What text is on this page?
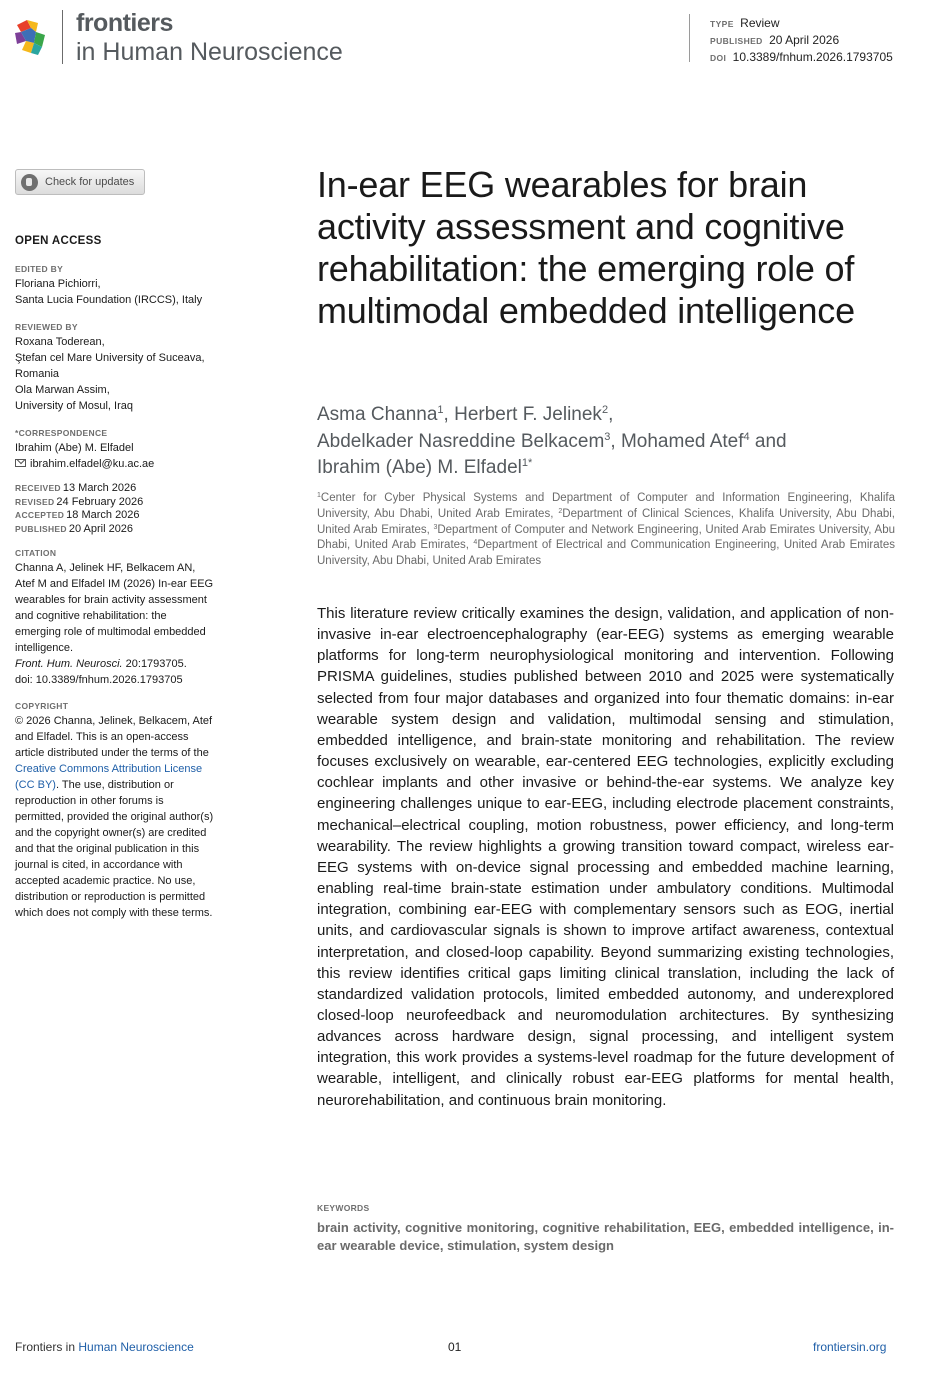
frontiers
in Human Neuroscience
TYPE Review
PUBLISHED 20 April 2026
DOI 10.3389/fnhum.2026.1793705
Check for updates
OPEN ACCESS
EDITED BY
Floriana Pichiorri,
Santa Lucia Foundation (IRCCS), Italy
REVIEWED BY
Roxana Toderean,
Ştefan cel Mare University of Suceava,
Romania
Ola Marwan Assim,
University of Mosul, Iraq
*CORRESPONDENCE
Ibrahim (Abe) M. Elfadel
ibrahim.elfadel@ku.ac.ae
RECEIVED 13 March 2026
REVISED 24 February 2026
ACCEPTED 18 March 2026
PUBLISHED 20 April 2026
CITATION
Channa A, Jelinek HF, Belkacem AN,
Atef M and Elfadel IM (2026) In-ear EEG
wearables for brain activity assessment
and cognitive rehabilitation: the
emerging role of multimodal embedded
intelligence.
Front. Hum. Neurosci. 20:1793705.
doi: 10.3389/fnhum.2026.1793705
COPYRIGHT
© 2026 Channa, Jelinek, Belkacem, Atef
and Elfadel. This is an open-access
article distributed under the terms of the
Creative Commons Attribution License
(CC BY). The use, distribution or
reproduction in other forums is
permitted, provided the original author(s)
and the copyright owner(s) are credited
and that the original publication in this
journal is cited, in accordance with
accepted academic practice. No use,
distribution or reproduction is permitted
which does not comply with these terms.
In-ear EEG wearables for brain activity assessment and cognitive rehabilitation: the emerging role of multimodal embedded intelligence
Asma Channa$^1$, Herbert F. Jelinek$^2$,
Abdelkader Nasreddine Belkacem$^3$, Mohamed Atef$^4$ and
Ibrahim (Abe) M. Elfadel$^{1*}$
$^1$Center for Cyber Physical Systems and Department of Computer and Information Engineering, Khalifa University, Abu Dhabi, United Arab Emirates, $^2$Department of Clinical Sciences, Khalifa University, Abu Dhabi, United Arab Emirates, $^3$Department of Computer and Network Engineering, United Arab Emirates University, Abu Dhabi, United Arab Emirates, $^4$Department of Electrical and Communication Engineering, United Arab Emirates University, Abu Dhabi, United Arab Emirates

This literature review critically examines the design, validation, and application of non-invasive in-ear electroencephalography (ear-EEG) systems as emerging wearable platforms for long-term neurophysiological monitoring and intervention. Following PRISMA guidelines, studies published between 2010 and 2025 were systematically selected from four major databases and organized into four thematic domains: in-ear wearable system design and validation, multimodal sensing and stimulation, embedded intelligence, and brain-state monitoring and rehabilitation. The review focuses exclusively on wearable, ear-centered EEG technologies, explicitly excluding cochlear implants and other invasive or behind-the-ear systems. We analyze key engineering challenges unique to ear-EEG, including electrode placement constraints, mechanical–electrical coupling, motion robustness, power efficiency, and long-term wearability. The review highlights a growing transition toward compact, wireless ear-EEG systems with on-device signal processing and embedded machine learning, enabling real-time brain-state estimation under ambulatory conditions. Multimodal integration, combining ear-EEG with complementary sensors such as EOG, inertial units, and cardiovascular signals is shown to improve artifact awareness, contextual interpretation, and closed-loop capability. Beyond summarizing existing technologies, this review identifies critical gaps limiting clinical translation, including the lack of standardized validation protocols, limited embedded autonomy, and underexplored closed-loop neurofeedback and neuromodulation architectures. By synthesizing advances across hardware design, signal processing, and intelligent system integration, this work provides a systems-level roadmap for the future development of wearable, intelligent, and clinically robust ear-EEG platforms for mental health, neurorehabilitation, and continuous brain monitoring.

KEYWORDS
brain activity, cognitive monitoring, cognitive rehabilitation, EEG, embedded intelligence, in-ear wearable device, stimulation, system design
Frontiers in Human Neuroscience	01	frontiersin.org
